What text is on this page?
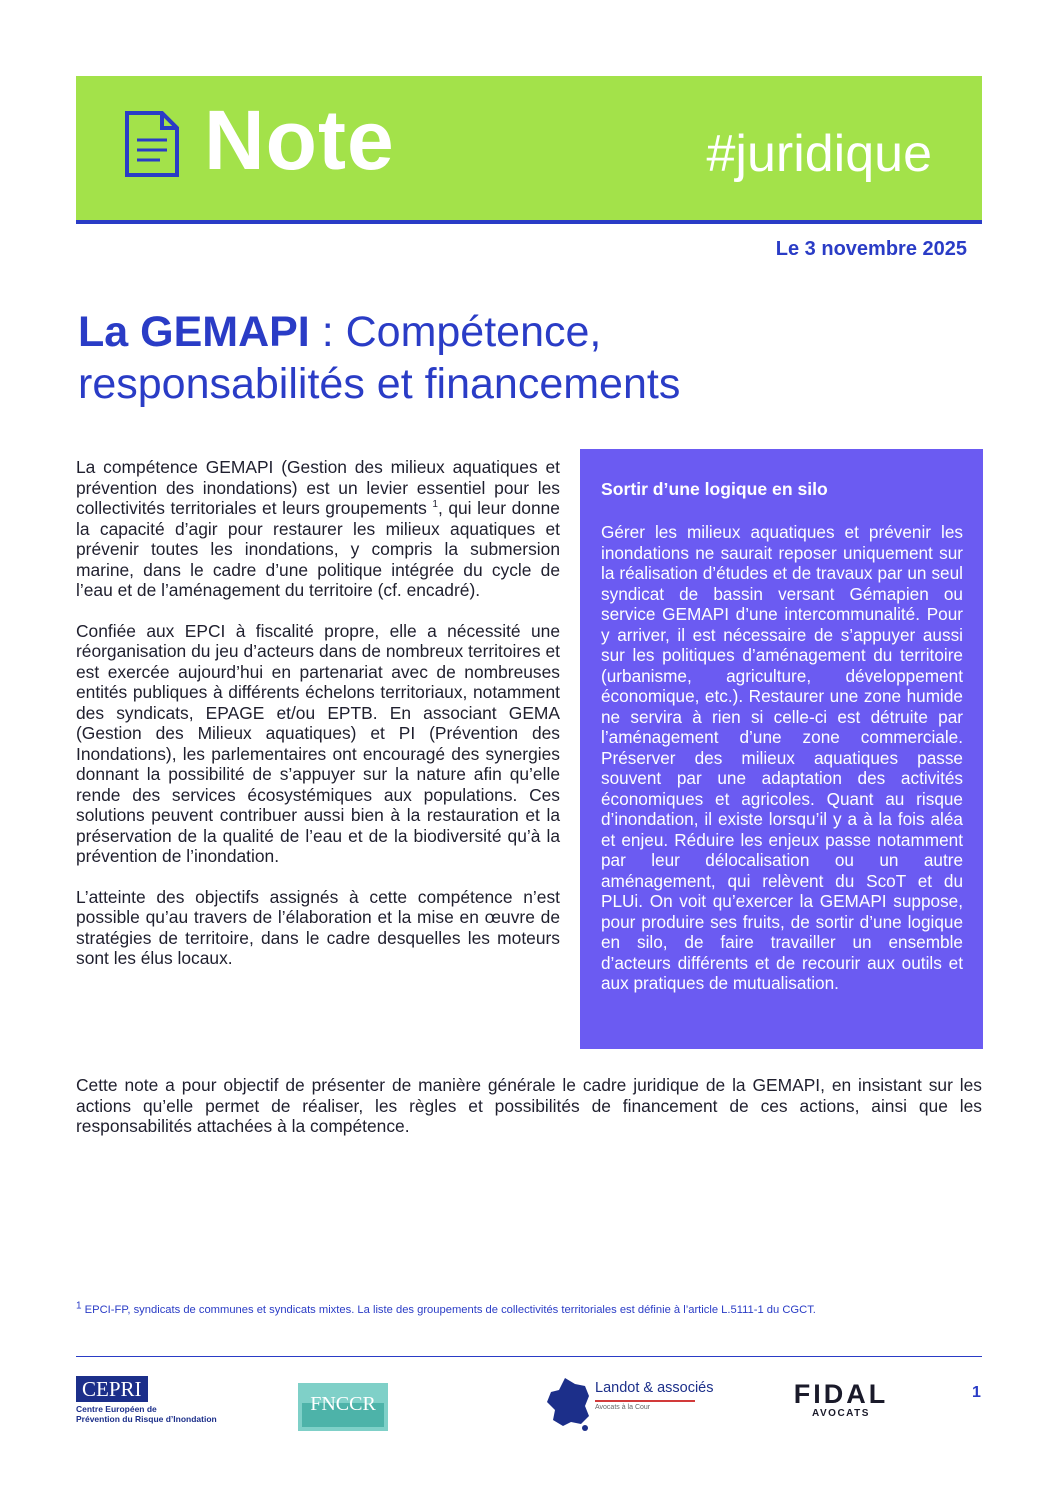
Note	#juridique
Le 3 novembre 2025
La GEMAPI : Compétence,
responsabilités et financements

La compétence GEMAPI (Gestion des milieux aquatiques et prévention des inondations) est un levier essentiel pour les collectivités territoriales et leurs groupements $^1$, qui leur donne la capacité d’agir pour restaurer les milieux aquatiques et prévenir toutes les inondations, y compris la submersion marine, dans le cadre d’une politique intégrée du cycle de l’eau et de l’aménagement du territoire (cf. encadré).

Confiée aux EPCI à fiscalité propre, elle a nécessité une réorganisation du jeu d’acteurs dans de nombreux territoires et est exercée aujourd’hui en partenariat avec de nombreuses entités publiques à différents échelons territoriaux, notamment des syndicats, EPAGE et/ou EPTB. En associant GEMA (Gestion des Milieux aquatiques) et PI (Prévention des Inondations), les parlementaires ont encouragé des synergies donnant la possibilité de s’appuyer sur la nature afin qu’elle rende des services écosystémiques aux populations. Ces solutions peuvent contribuer aussi bien à la restauration et la préservation de la qualité de l’eau et de la biodiversité qu’à la prévention de l’inondation.

L’atteinte des objectifs assignés à cette compétence n’est possible qu’au travers de l’élaboration et la mise en œuvre de stratégies de territoire, dans le cadre desquelles les moteurs sont les élus locaux.

Sortir d’une logique en silo

Gérer les milieux aquatiques et prévenir les inondations ne saurait reposer uniquement sur la réalisation d’études et de travaux par un seul syndicat de bassin versant Gémapien ou service GEMAPI d’une intercommunalité. Pour y arriver, il est nécessaire de s’appuyer aussi sur les politiques d’aménagement du territoire (urbanisme, agriculture, développement économique, etc.). Restaurer une zone humide ne servira à rien si celle-ci est détruite par l’aménagement d’une zone commerciale. Préserver des milieux aquatiques passe souvent par une adaptation des activités économiques et agricoles. Quant au risque d’inondation, il existe lorsqu’il y a à la fois aléa et enjeu. Réduire les enjeux passe notamment par leur délocalisation ou un autre aménagement, qui relèvent du ScoT et du PLUi. On voit qu’exercer la GEMAPI suppose, pour produire ses fruits, de sortir d’une logique en silo, de faire travailler un ensemble d’acteurs différents et de recourir aux outils et aux pratiques de mutualisation.

Cette note a pour objectif de présenter de manière générale le cadre juridique de la GEMAPI, en insistant sur les actions qu’elle permet de réaliser, les règles et possibilités de financement de ces actions, ainsi que les responsabilités attachées à la compétence.

$^1$ EPCI-FP, syndicats de communes et syndicats mixtes. La liste des groupements de collectivités territoriales est définie à l’article L.5111-1 du CGCT.
CEPRI
Centre Européen de
Prévention du Risque d’Inondation
FNCCR
Landot & associés
Avocats à la Cour	FIDAL
AVOCATS
1
